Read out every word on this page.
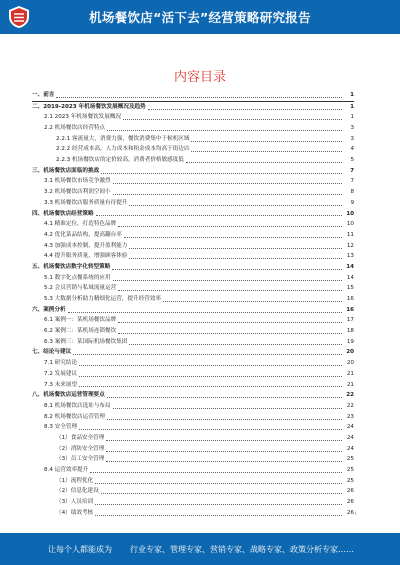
机场餐饮店“活下去”经营策略研究报告
内容目录
一、前言	1
二、2019-2023 年机场餐饮发展概况及趋势	1
2.1 2023 年机场餐饮发展概况	1
2.2 机场餐饮店经营特点	3
2.2.1 客流量大，消费力强，餐饮消费集中于候机区域	3
2.2.2 经营成本高，人力成本和租金成本均高于街边店	4
2.2.3 机场餐饮店的定价较高，消费者价格敏感度低	5
三、机场餐饮店面临的挑战	7
3.1 机场餐饮市场竞争激烈	7
3.2 机场餐饮店利润空间小	8
3.3 机场餐饮店服务质量有待提升	9
四、机场餐饮店经营策略	10
4.1 精准定位，打造特色品牌	10
4.2 优化菜品结构，提高翻台率	11
4.3 加强成本控制，提升盈利能力	12
4.4 提升服务质量，增强顾客体验	13
五、机场餐饮店数字化转型策略	14
5.1 数字化点餐系统的应用	14
5.2 会员营销与私域流量运营	15
5.3 大数据分析助力精细化运营，提升经营效率	16
六、案例分析	16
6.1 案例一：某机场餐饮品牌	17
6.2 案例二：某机场连锁餐饮	18
6.3 案例三：某国际机场餐饮集团	19
七、结论与建议	20
7.1 研究结论	20
7.2 发展建议	21
7.3 未来展望	21
八、机场餐饮店运营管理要点	22
8.1 机场餐饮店选址与布局	22
8.2 机场餐饮店运营管理	23
8.3 安全管理	24
（1）食品安全管理	24
（2）消防安全管理	24
（3）员工安全管理	25
8.4 运营效率提升	25
（1）流程优化	25
（2）信息化建设	26
（3）人员培训	26
（4）绩效考核	26 i
让每个人都能成为	行业专家、管理专家、营销专家、战略专家、政策分析专家……
